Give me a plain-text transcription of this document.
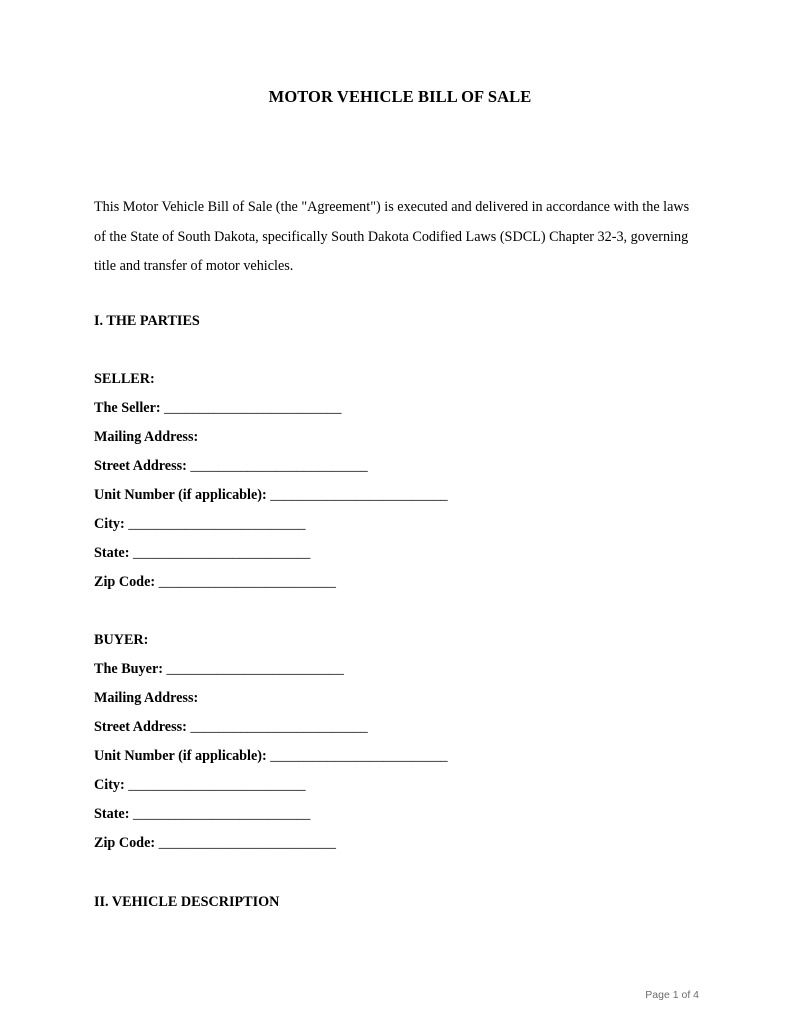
MOTOR VEHICLE BILL OF SALE

This Motor Vehicle Bill of Sale (the "Agreement") is executed and delivered in accordance with the laws
of the State of South Dakota, specifically South Dakota Codified Laws (SDCL) Chapter 32-3, governing
title and transfer of motor vehicles.

I. THE PARTIES
SELLER:
The Seller: _________________________
Mailing Address:
Street Address: _________________________
Unit Number (if applicable): _________________________
City: _________________________
State: _________________________
Zip Code: _________________________
BUYER:
The Buyer: _________________________
Mailing Address:
Street Address: _________________________
Unit Number (if applicable): _________________________
City: _________________________
State: _________________________
Zip Code: _________________________
II. VEHICLE DESCRIPTION
Page 1 of 4
